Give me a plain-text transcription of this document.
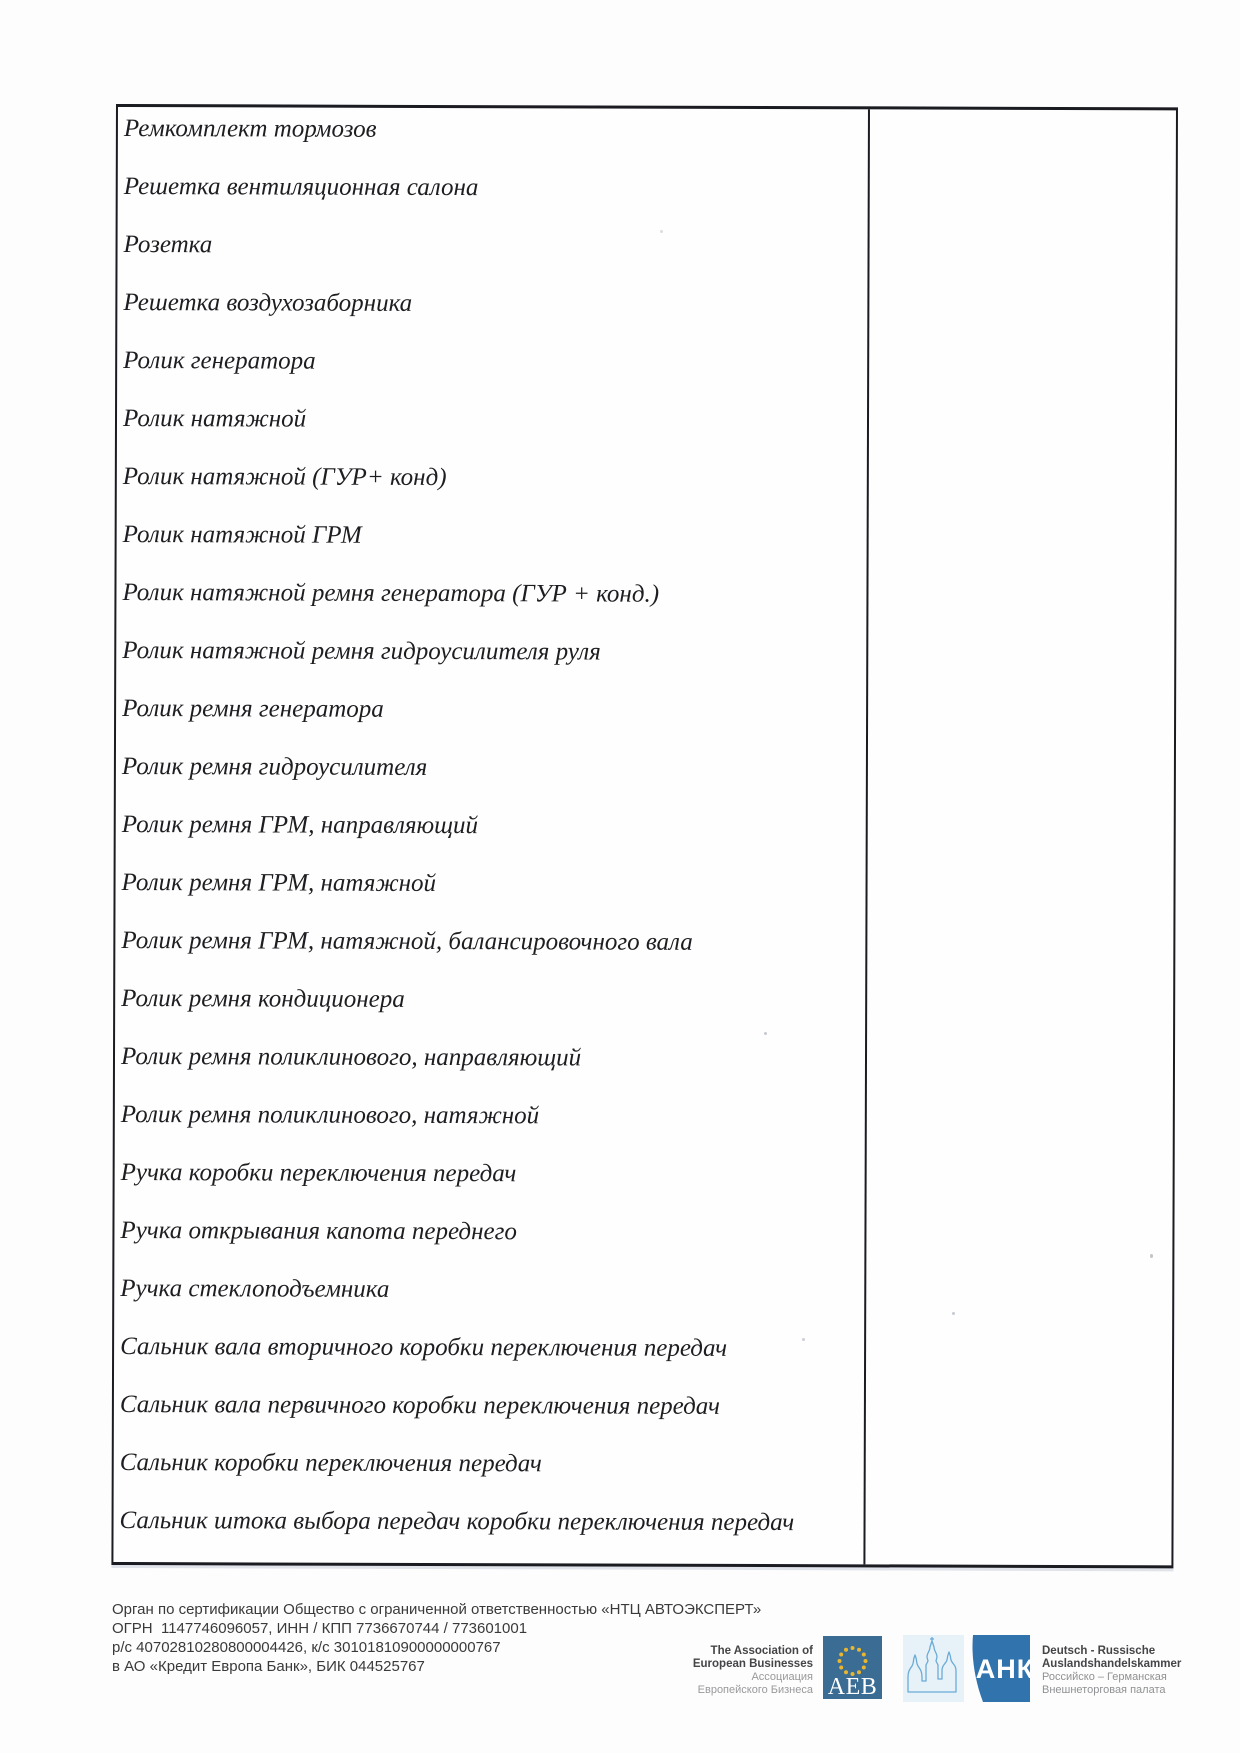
Ремкомплект тормозов
Решетка вентиляционная салона
Розетка
Решетка воздухозаборника
Ролик генератора
Ролик натяжной
Ролик натяжной (ГУР+ конд)
Ролик натяжной ГРМ
Ролик натяжной ремня генератора (ГУР + конд.)
Ролик натяжной ремня гидроусилителя руля
Ролик ремня генератора
Ролик ремня гидроусилителя
Ролик ремня ГРМ, направляющий
Ролик ремня ГРМ, натяжной
Ролик ремня ГРМ, натяжной, балансировочного вала
Ролик ремня кондиционера
Ролик ремня поликлинового, направляющий
Ролик ремня поликлинового, натяжной
Ручка коробки переключения передач
Ручка открывания капота переднего
Ручка стеклоподъемника
Сальник вала вторичного коробки переключения передач
Сальник вала первичного коробки переключения передач
Сальник коробки переключения передач
Сальник штока выбора передач коробки переключения передач
Орган по сертификации Общество с ограниченной ответственностью «НТЦ АВТОЭКСПЕРТ»
ОГРН  1147746096057, ИНН / КПП 7736670744 / 773601001
р/с 40702810280800004426, к/с 30101810900000000767
в АО «Кредит Европа Банк», БИК 044525767
The Association of
European Businesses
Ассоциация
Европейского Бизнеса AEB
АНК
Deutsch - Russische
Auslandshandelskammer
Российско – Германская
Внешнеторговая палата
